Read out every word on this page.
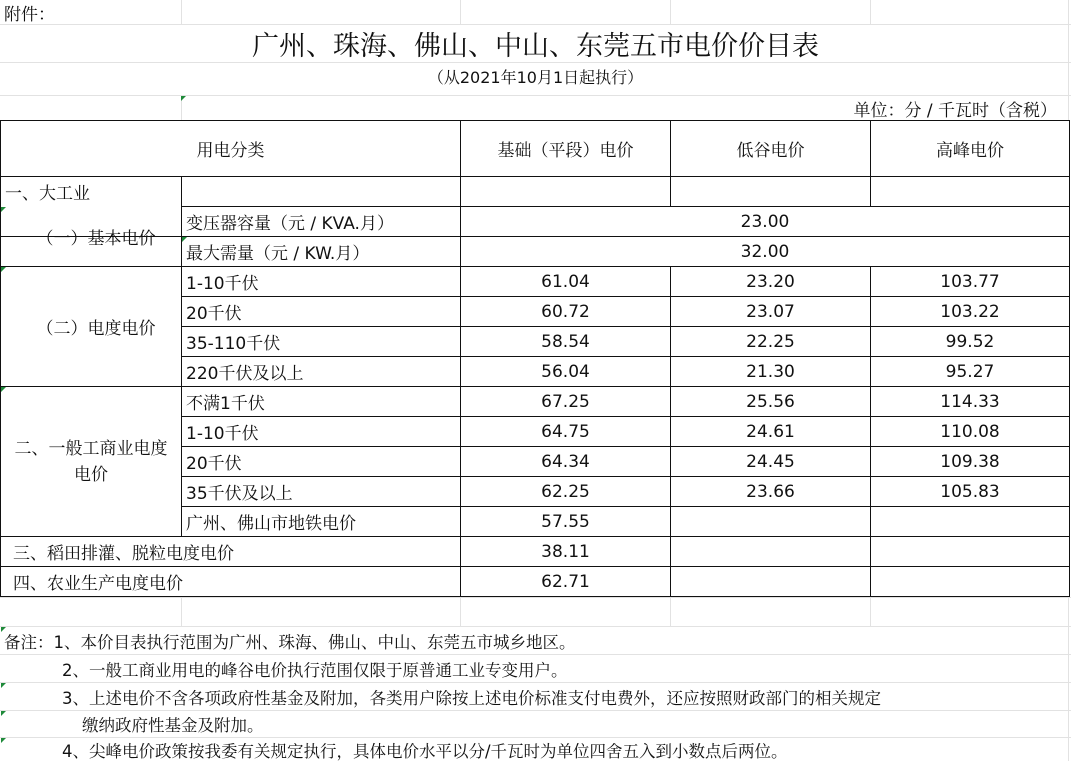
附件：
广州、珠海、佛山、中山、东莞五市电价价目表
（从2021年10月1日起执行）
单位：分 / 千瓦时（含税）
用电分类	基础（平段）电价	低谷电价	高峰电价
一、大工业
（一）基本电价
变压器容量（元 / KVA.月）	23.00
最大需量（元 / KW.月）	32.00
（二）电度电价
1-10千伏	61.04	23.20	103.77
20千伏	60.72	23.07	103.22
35-110千伏	58.54	22.25	99.52
220千伏及以上	56.04	21.30	95.27
二、一般工商业电度电价
不满1千伏	67.25	25.56	114.33
1-10千伏	64.75	24.61	110.08
20千伏	64.34	24.45	109.38
35千伏及以上	62.25	23.66	105.83
广州、佛山市地铁电价	57.55
三、稻田排灌、脱粒电度电价	38.11
四、农业生产电度电价	62.71
备注：1、本价目表执行范围为广州、珠海、佛山、中山、东莞五市城乡地区。
2、一般工商业用电的峰谷电价执行范围仅限于原普通工业专变用户。
3、上述电价不含各项政府性基金及附加，各类用户除按上述电价标准支付电费外，还应按照财政部门的相关规定
缴纳政府性基金及附加。
4、尖峰电价政策按我委有关规定执行，具体电价水平以分/千瓦时为单位四舍五入到小数点后两位。
